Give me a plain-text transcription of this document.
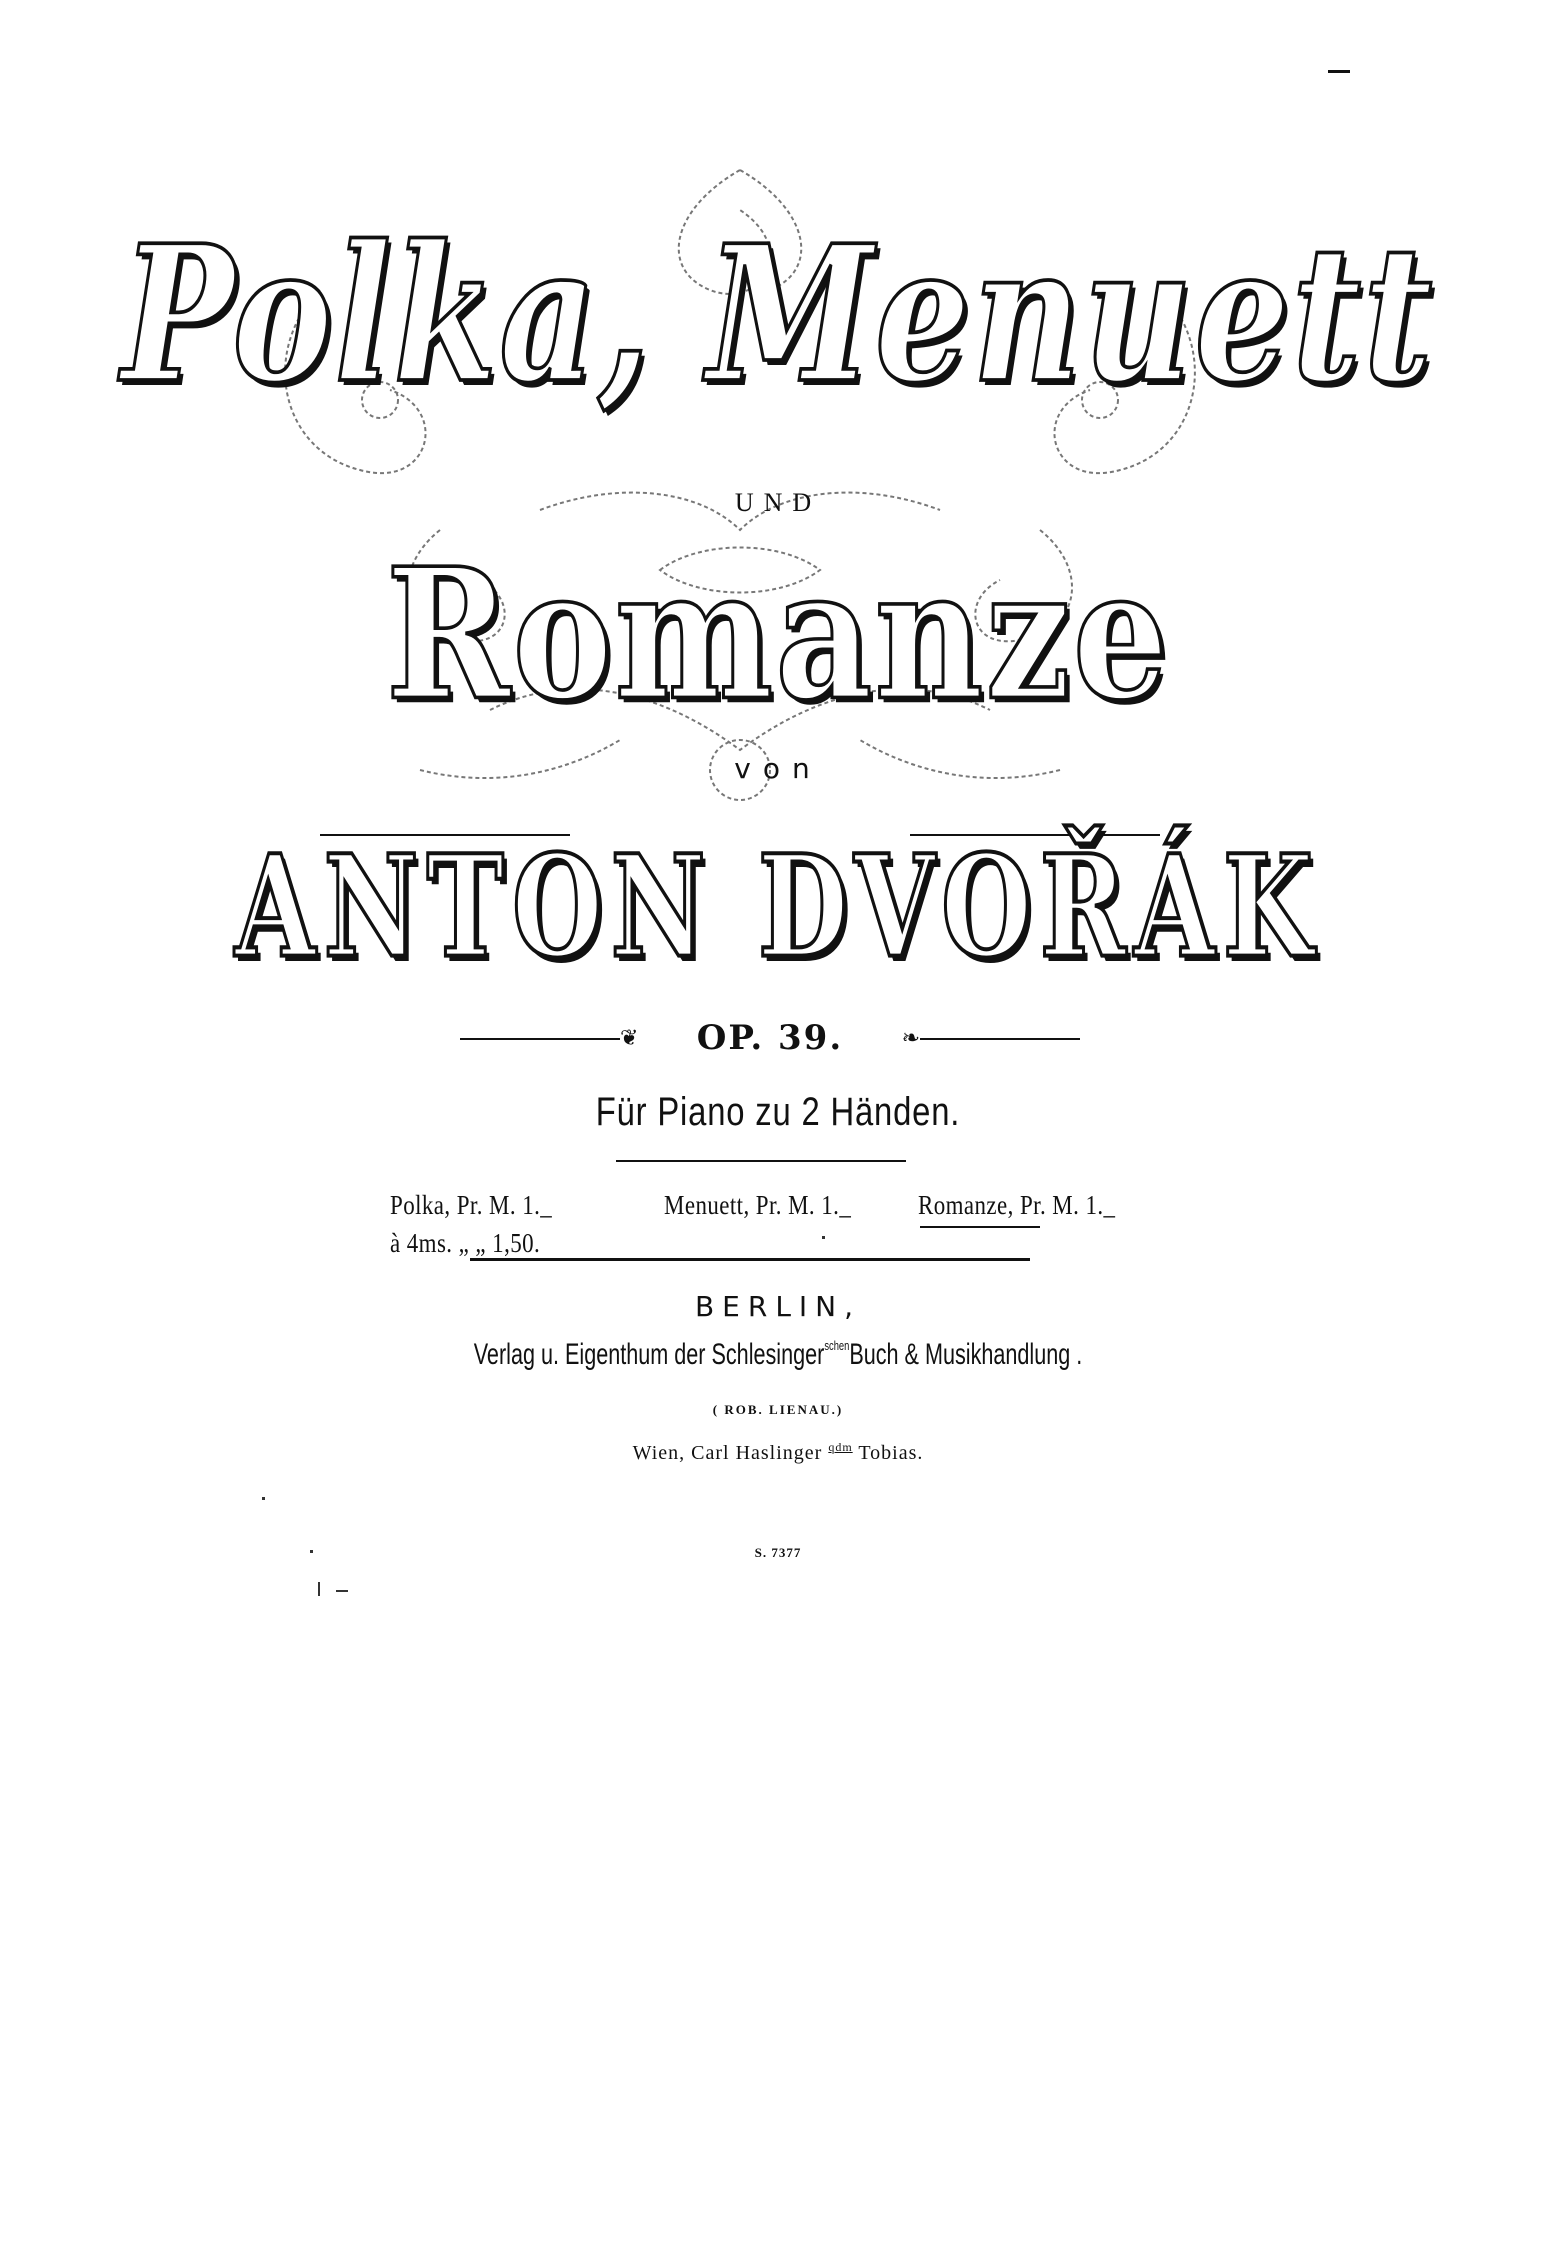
Polka, Menuett
UND
Romanze
von
ANTON DVOŘÁK
❦	OP. 39.	❧
Für Piano zu 2 Händen.
Polka, Pr. M. 1._
à 4ms. „ „ 1,50.
Menuett, Pr. M. 1._ Romanze, Pr. M. 1._
BERLIN,
Verlag u. Eigenthum der Schlesinger$^{schen}$Buch & Musikhandlung .
( ROB. LIENAU.)
Wien, Carl Haslinger $^{qdm}$ Tobias.
S. 7377
